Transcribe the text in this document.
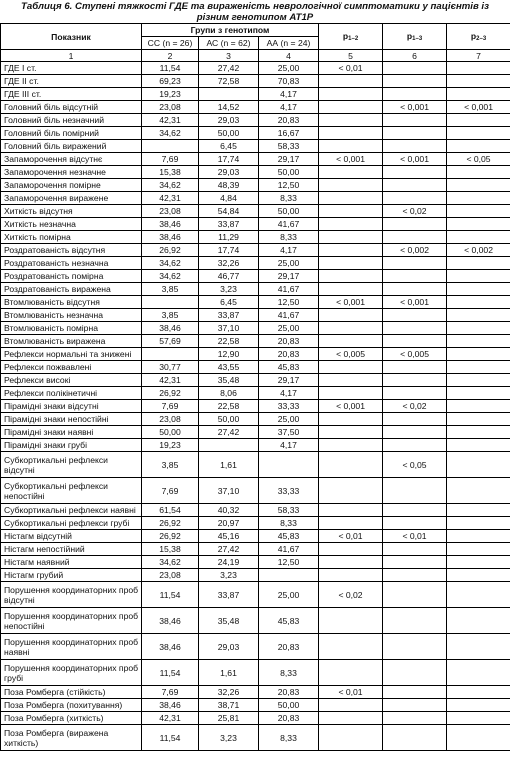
Таблиця 6. Ступені тяжкості ГДЕ та вираженість неврологічної симптоматики у пацієнтів із різним генотипом AT1P
Показник	Групи з генотипом			$p_{1-2}$	$p_{1-3}$	$p_{2-3}$
	СС (n = 26)	АС (n = 62)	АА (n = 24)			
1	2	3	4	5	6	7
ГДЕ І ст.	11,54	27,42	25,00	< 0,01		
ГДЕ ІІ ст.	69,23	72,58	70,83			
ГДЕ ІІІ ст.	19,23		4,17			
Головний біль відсутній	23,08	14,52	4,17		< 0,001	< 0,001
Головний біль незначний	42,31	29,03	20,83			
Головний біль помірний	34,62	50,00	16,67			
Головний біль виражений		6,45	58,33			
Запаморочення відсутнє	7,69	17,74	29,17	< 0,001	< 0,001	< 0,05
Запаморочення незначне	15,38	29,03	50,00			
Запаморочення помірне	34,62	48,39	12,50			
Запаморочення виражене	42,31	4,84	8,33			
Хиткість відсутня	23,08	54,84	50,00		< 0,02	
Хиткість незначна	38,46	33,87	41,67			
Хиткість помірна	38,46	11,29	8,33			
Роздратованість відсутня	26,92	17,74	4,17		< 0,002	< 0,002
Роздратованість незначна	34,62	32,26	25,00			
Роздратованість помірна	34,62	46,77	29,17			
Роздратованість виражена	3,85	3,23	41,67			
Втомлюваність відсутня		6,45	12,50	< 0,001	< 0,001	
Втомлюваність незначна	3,85	33,87	41,67			
Втомлюваність помірна	38,46	37,10	25,00			
Втомлюваність виражена	57,69	22,58	20,83			
Рефлекси нормальні та знижені		12,90	20,83	< 0,005	< 0,005	
Рефлекси пожвавлені	30,77	43,55	45,83			
Рефлекси високі	42,31	35,48	29,17			
Рефлекси полікінетичні	26,92	8,06	4,17			
Пірамідні знаки відсутні	7,69	22,58	33,33	< 0,001	< 0,02	
Пірамідні знаки непостійні	23,08	50,00	25,00			
Пірамідні знаки наявні	50,00	27,42	37,50			
Пірамідні знаки грубі	19,23		4,17			
Субкортикальні рефлекси відсутні	3,85	1,61			< 0,05	
Субкортикальні рефлекси непостійні	7,69	37,10	33,33			
Субкортикальні рефлекси наявні	61,54	40,32	58,33			
Субкортикальні рефлекси грубі	26,92	20,97	8,33			
Ністагм відсутній	26,92	45,16	45,83	< 0,01	< 0,01	
Ністагм непостійний	15,38	27,42	41,67			
Ністагм наявний	34,62	24,19	12,50			
Ністагм грубий	23,08	3,23				
Порушення координаторних проб відсутні	11,54	33,87	25,00	< 0,02		
Порушення координаторних проб непостійні	38,46	35,48	45,83			
Порушення координаторних проб наявні	38,46	29,03	20,83			
Порушення координаторних проб грубі	11,54	1,61	8,33			
Поза Ромберга (стійкість)	7,69	32,26	20,83	< 0,01		
Поза Ромберга (похитування)	38,46	38,71	50,00			
Поза Ромберга (хиткість)	42,31	25,81	20,83			
Поза Ромберга (виражена хиткість)	11,54	3,23	8,33			
